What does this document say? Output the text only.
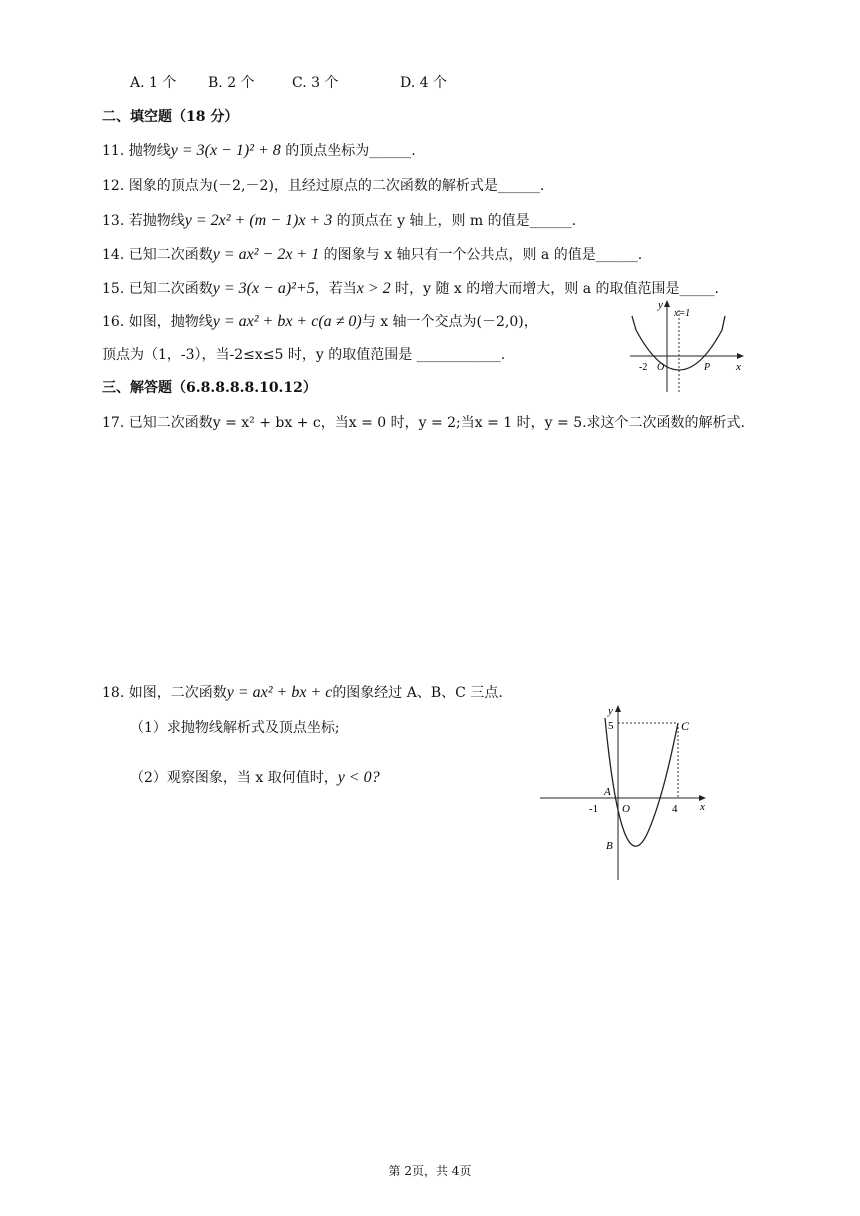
A. 1 个 B. 2 个	C. 3 个	D. 4 个
二、填空题（18 分）
11. 抛物线y = 3(x − 1)² + 8 的顶点坐标为______.
12. 图象的顶点为(－2,－2)，且经过原点的二次函数的解析式是______.
13. 若抛物线y = 2x² + (m − 1)x + 3 的顶点在 y 轴上，则 m 的值是______.
14. 已知二次函数y = ax² − 2x + 1 的图象与 x 轴只有一个公共点，则 a 的值是______.
15. 已知二次函数y = 3(x − a)²+5，若当x > 2 时，y 随 x 的增大而增大，则 a 的取值范围是_____.
16. 如图，抛物线y = ax² + bx + c(a ≠ 0)与 x 轴一个交点为(－2,0)，
顶点为（1，-3），当-2≤x≤5 时，y 的取值范围是 ____________.
y
x=1
x
-2 O	P
三、解答题（6.8.8.8.8.10.12）
17. 已知二次函数y = x² + bx + c，当x = 0 时，y = 2;当x = 1 时，y = 5.求这个二次函数的解析式.
18. 如图，二次函数y = ax² + bx + c的图象经过 A、B、C 三点.
（1）求抛物线解析式及顶点坐标;
（2）观察图象，当 x 取何值时，y < 0?
y
5	C
A
-1 O	4 x
B
第 2页，共 4页
